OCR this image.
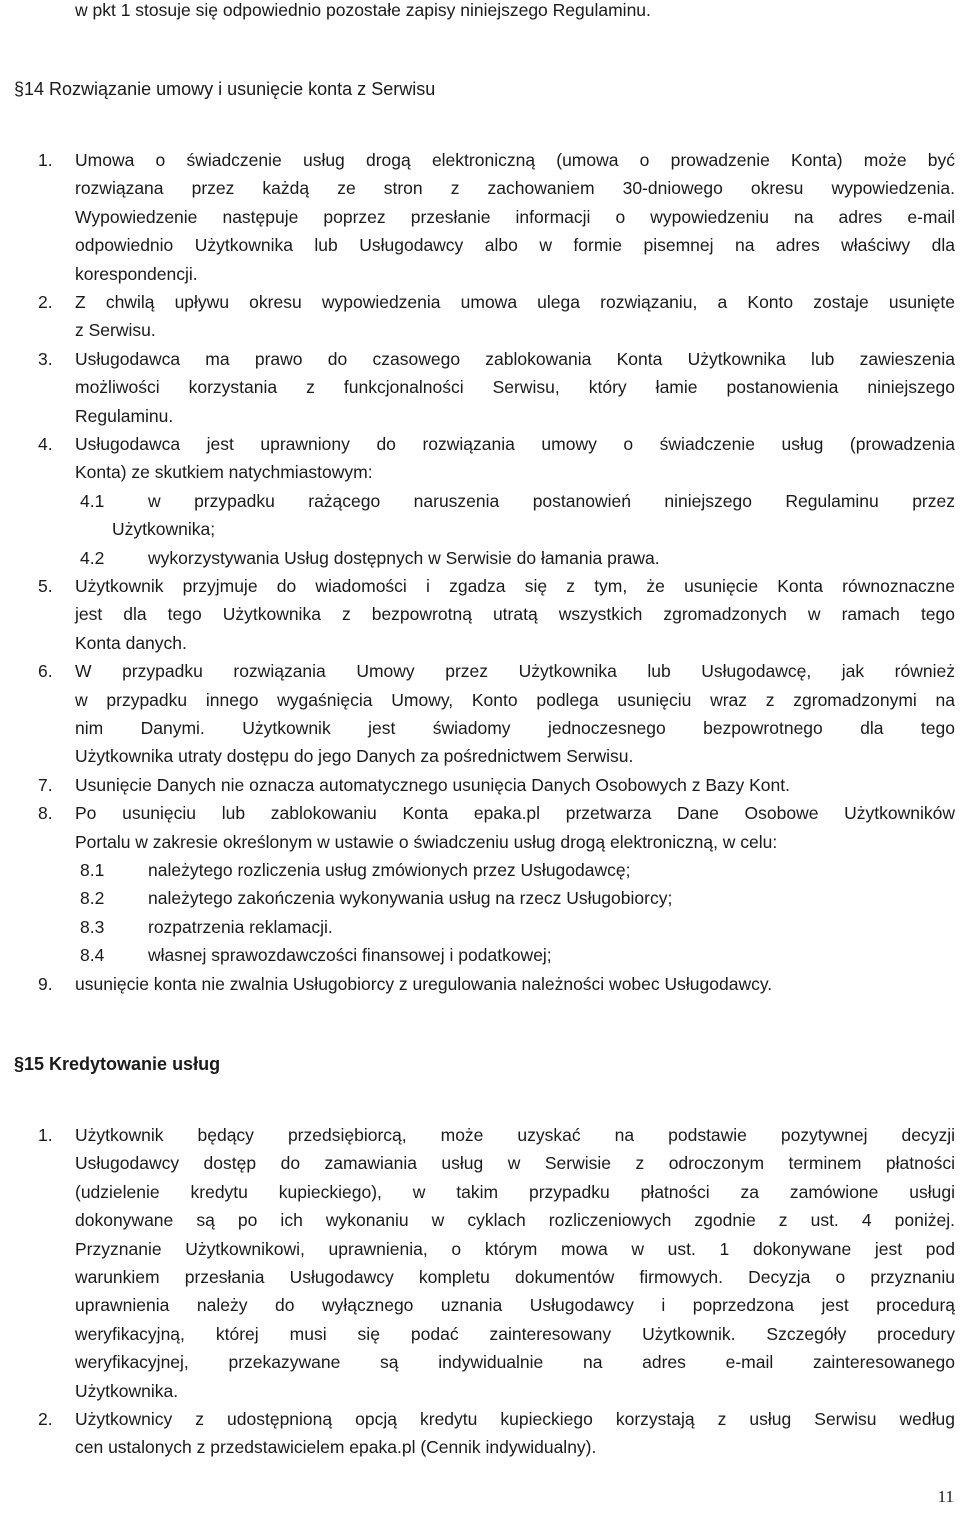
w pkt 1 stosuje się odpowiednio pozostałe zapisy niniejszego Regulaminu.
§14 Rozwiązanie umowy i usunięcie konta z Serwisu
1. Umowa o świadczenie usług drogą elektroniczną (umowa o prowadzenie Konta) może być
rozwiązana przez każdą ze stron z zachowaniem 30-dniowego okresu wypowiedzenia.
Wypowiedzenie następuje poprzez przesłanie informacji o wypowiedzeniu na adres e-mail
odpowiednio Użytkownika lub Usługodawcy albo w formie pisemnej na adres właściwy dla
korespondencji.
2. Z chwilą upływu okresu wypowiedzenia umowa ulega rozwiązaniu, a Konto zostaje usunięte
z Serwisu.
3. Usługodawca ma prawo do czasowego zablokowania Konta Użytkownika lub zawieszenia
możliwości korzystania z funkcjonalności Serwisu, który łamie postanowienia niniejszego
Regulaminu.
4. Usługodawca jest uprawniony do rozwiązania umowy o świadczenie usług (prowadzenia
Konta) ze skutkiem natychmiastowym:
4.1 w przypadku rażącego naruszenia postanowień niniejszego Regulaminu przez
Użytkownika;
4.2 wykorzystywania Usług dostępnych w Serwisie do łamania prawa.
5. Użytkownik przyjmuje do wiadomości i zgadza się z tym, że usunięcie Konta równoznaczne
jest dla tego Użytkownika z bezpowrotną utratą wszystkich zgromadzonych w ramach tego
Konta danych.
6. W przypadku rozwiązania Umowy przez Użytkownika lub Usługodawcę, jak również
w przypadku innego wygaśnięcia Umowy, Konto podlega usunięciu wraz z zgromadzonymi na
nim Danymi. Użytkownik jest świadomy jednoczesnego bezpowrotnego dla tego
Użytkownika utraty dostępu do jego Danych za pośrednictwem Serwisu.
7. Usunięcie Danych nie oznacza automatycznego usunięcia Danych Osobowych z Bazy Kont.
8. Po usunięciu lub zablokowaniu Konta epaka.pl przetwarza Dane Osobowe Użytkowników
Portalu w zakresie określonym w ustawie o świadczeniu usług drogą elektroniczną, w celu:
8.1 należytego rozliczenia usług zmówionych przez Usługodawcę;
8.2 należytego zakończenia wykonywania usług na rzecz Usługobiorcy;
8.3 rozpatrzenia reklamacji.
8.4 własnej sprawozdawczości finansowej i podatkowej;
9. usunięcie konta nie zwalnia Usługobiorcy z uregulowania należności wobec Usługodawcy.
§15 Kredytowanie usług
1. Użytkownik będący przedsiębiorcą, może uzyskać na podstawie pozytywnej decyzji
Usługodawcy dostęp do zamawiania usług w Serwisie z odroczonym terminem płatności
(udzielenie kredytu kupieckiego), w takim przypadku płatności za zamówione usługi
dokonywane są po ich wykonaniu w cyklach rozliczeniowych zgodnie z ust. 4 poniżej.
Przyznanie Użytkownikowi, uprawnienia, o którym mowa w ust. 1 dokonywane jest pod
warunkiem przesłania Usługodawcy kompletu dokumentów firmowych. Decyzja o przyznaniu
uprawnienia należy do wyłącznego uznania Usługodawcy i poprzedzona jest procedurą
weryfikacyjną, której musi się podać zainteresowany Użytkownik. Szczegóły procedury
weryfikacyjnej, przekazywane są indywidualnie na adres e-mail zainteresowanego
Użytkownika.
2. Użytkownicy z udostępnioną opcją kredytu kupieckiego korzystają z usług Serwisu według
cen ustalonych z przedstawicielem epaka.pl (Cennik indywidualny).
11
